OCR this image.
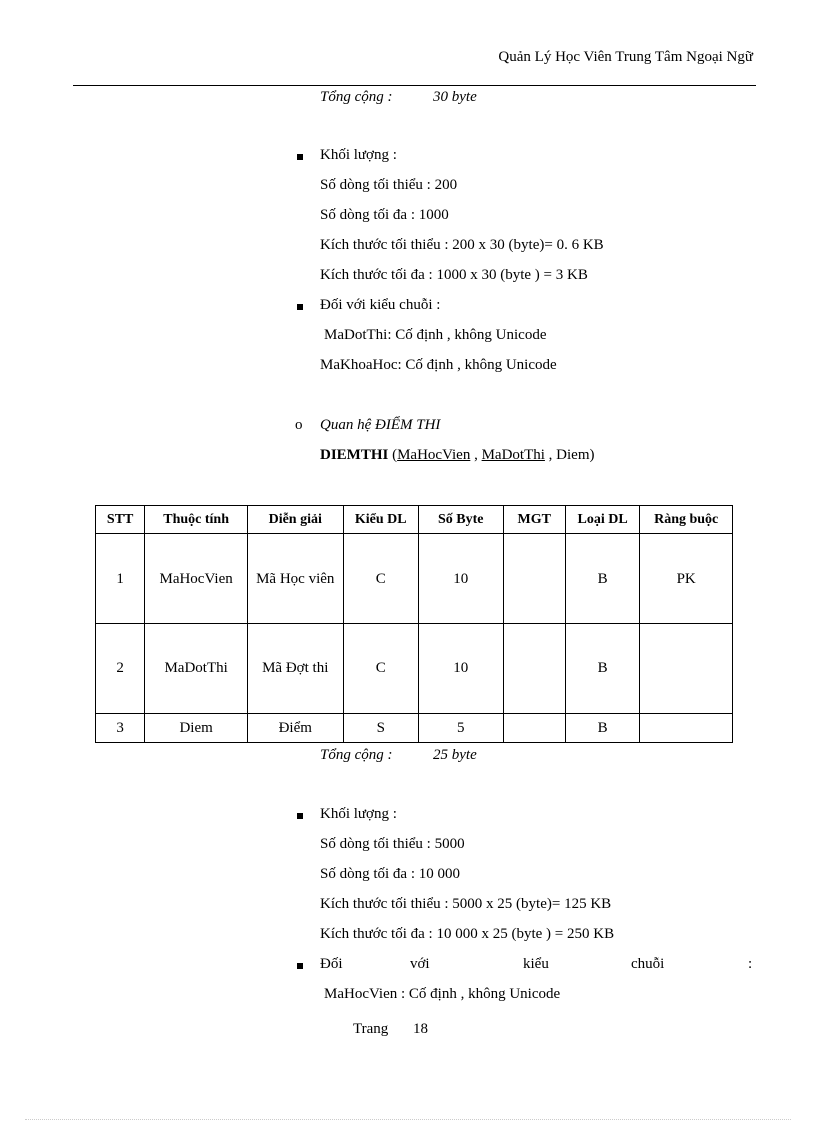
Quản Lý Học Viên Trung Tâm Ngoại Ngữ
Tổng cộng :	30 byte
Khối lượng :
Số dòng tối thiểu : 200
Số dòng tối đa : 1000
Kích thước tối thiểu : 200 x 30 (byte)= 0. 6 KB
Kích thước tối đa : 1000 x 30 (byte ) = 3 KB
Đối với kiểu chuỗi :
MaDotThi: Cố định , không Unicode
MaKhoaHoc: Cố định , không Unicode
o Quan hệ ĐIỂM THI
DIEMTHI (MaHocVien , MaDotThi , Diem)
STT	Thuộc tính	Diễn giải	Kiểu DL	Số Byte	MGT	Loại DL	Ràng buộc
1	MaHocVien	Mã Học viên	C	10		B	PK
2	MaDotThi	Mã Đợt thi	C	10		B	
3	Diem	Điểm	S	5		B	
Tổng cộng :	25 byte
Khối lượng :
Số dòng tối thiểu : 5000
Số dòng tối đa : 10 000
Kích thước tối thiểu : 5000 x 25 (byte)= 125 KB
Kích thước tối đa : 10 000 x 25 (byte ) = 250 KB
Đối	với	kiểu	chuỗi	:
MaHocVien : Cố định , không Unicode
Trang 18
